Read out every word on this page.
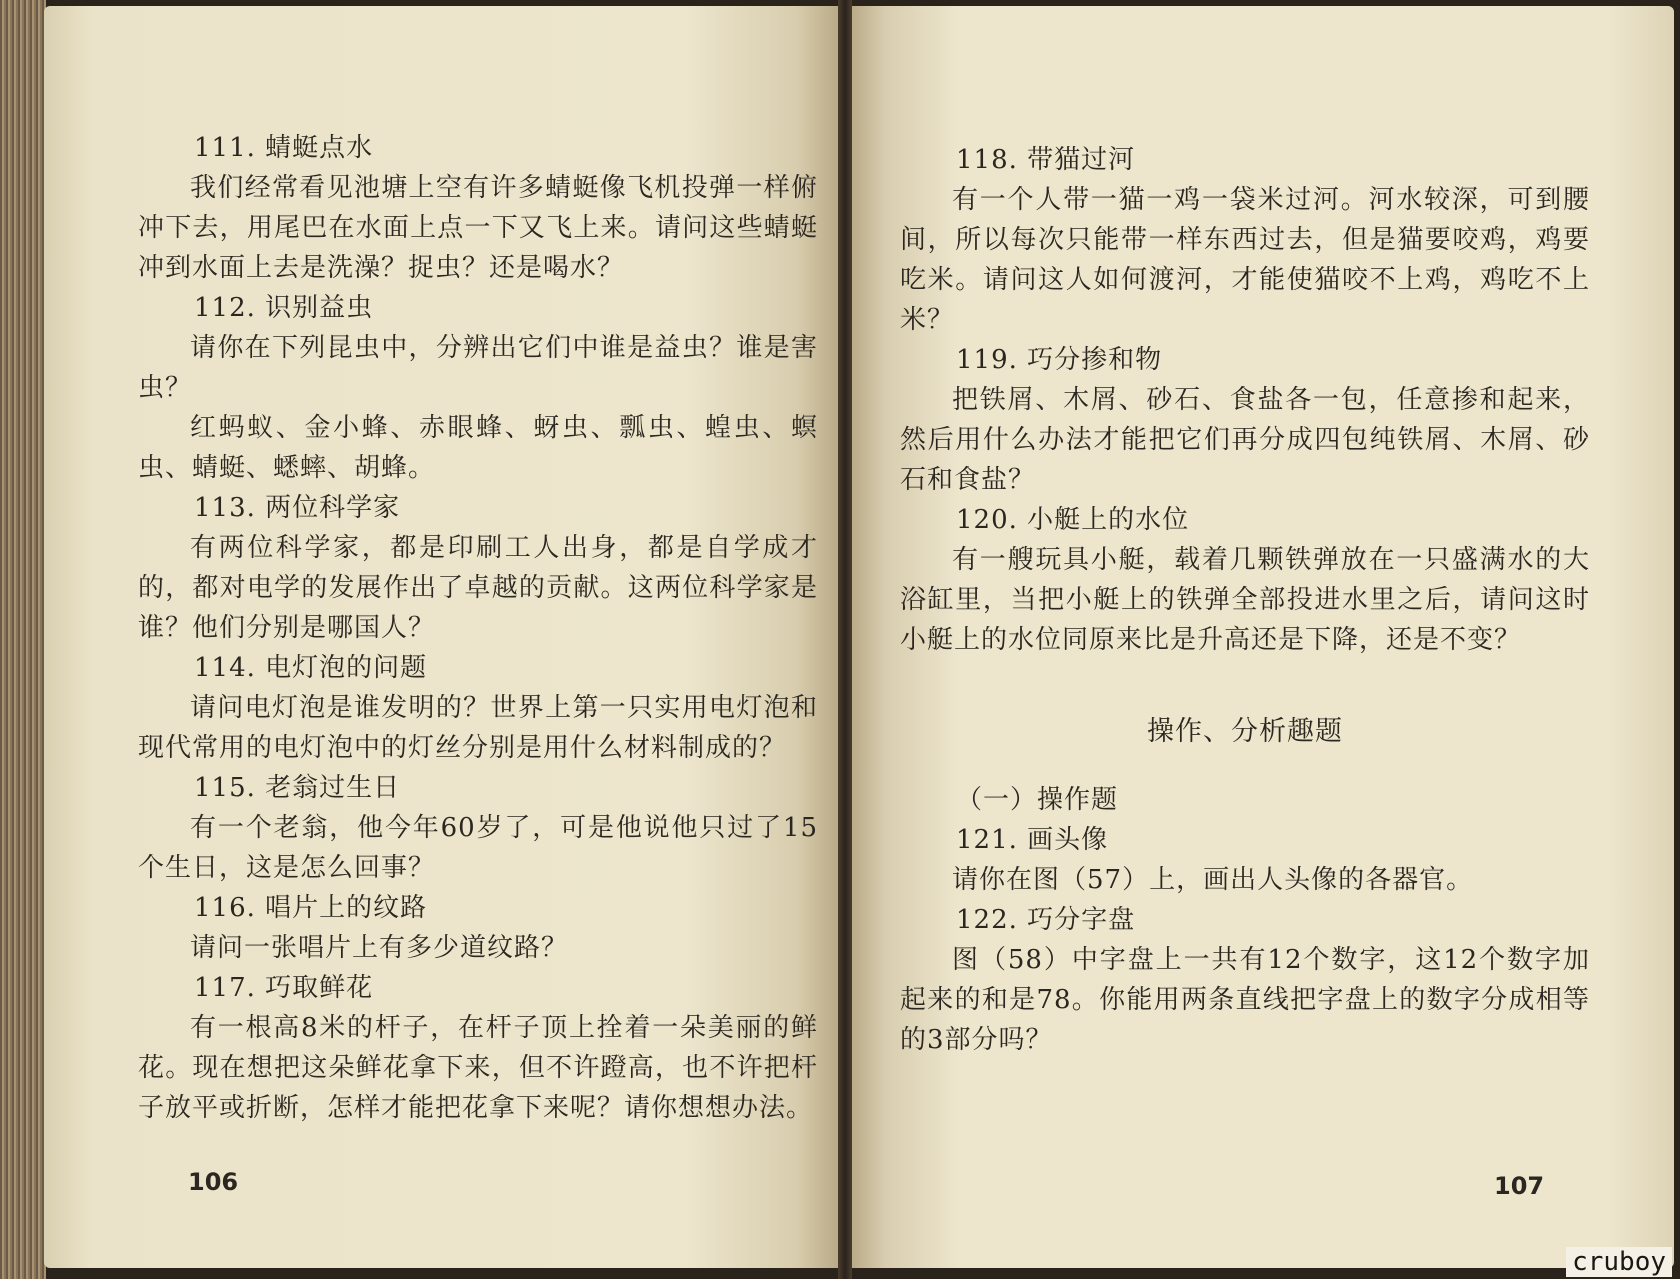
111. 蜻蜓点水
我们经常看见池塘上空有许多蜻蜓像飞机投弹一样俯冲下去，用尾巴在水面上点一下又飞上来。请问这些蜻蜓冲到水面上去是洗澡？捉虫？还是喝水？
112. 识别益虫
请你在下列昆虫中，分辨出它们中谁是益虫？谁是害虫？
红蚂蚁、金小蜂、赤眼蜂、蚜虫、瓢虫、蝗虫、螟虫、蜻蜓、蟋蟀、胡蜂。
113. 两位科学家
有两位科学家，都是印刷工人出身，都是自学成才的，都对电学的发展作出了卓越的贡献。这两位科学家是谁？他们分别是哪国人？
114. 电灯泡的问题
请问电灯泡是谁发明的？世界上第一只实用电灯泡和现代常用的电灯泡中的灯丝分别是用什么材料制成的？
115. 老翁过生日
有一个老翁，他今年60岁了，可是他说他只过了15个生日，这是怎么回事？
116. 唱片上的纹路
请问一张唱片上有多少道纹路？
117. 巧取鲜花
有一根高8米的杆子，在杆子顶上拴着一朵美丽的鲜花。现在想把这朵鲜花拿下来，但不许蹬高，也不许把杆子放平或折断，怎样才能把花拿下来呢？请你想想办法。
106
118. 带猫过河
有一个人带一猫一鸡一袋米过河。河水较深，可到腰间，所以每次只能带一样东西过去，但是猫要咬鸡，鸡要吃米。请问这人如何渡河，才能使猫咬不上鸡，鸡吃不上米？
119. 巧分掺和物
把铁屑、木屑、砂石、食盐各一包，任意掺和起来，然后用什么办法才能把它们再分成四包纯铁屑、木屑、砂石和食盐？
120. 小艇上的水位
有一艘玩具小艇，载着几颗铁弹放在一只盛满水的大浴缸里，当把小艇上的铁弹全部投进水里之后，请问这时小艇上的水位同原来比是升高还是下降，还是不变？
操作、分析趣题
（一）操作题
121. 画头像
请你在图（57）上，画出人头像的各器官。
122. 巧分字盘
图（58）中字盘上一共有12个数字，这12个数字加起来的和是78。你能用两条直线把字盘上的数字分成相等的3部分吗？
107
cruboy
